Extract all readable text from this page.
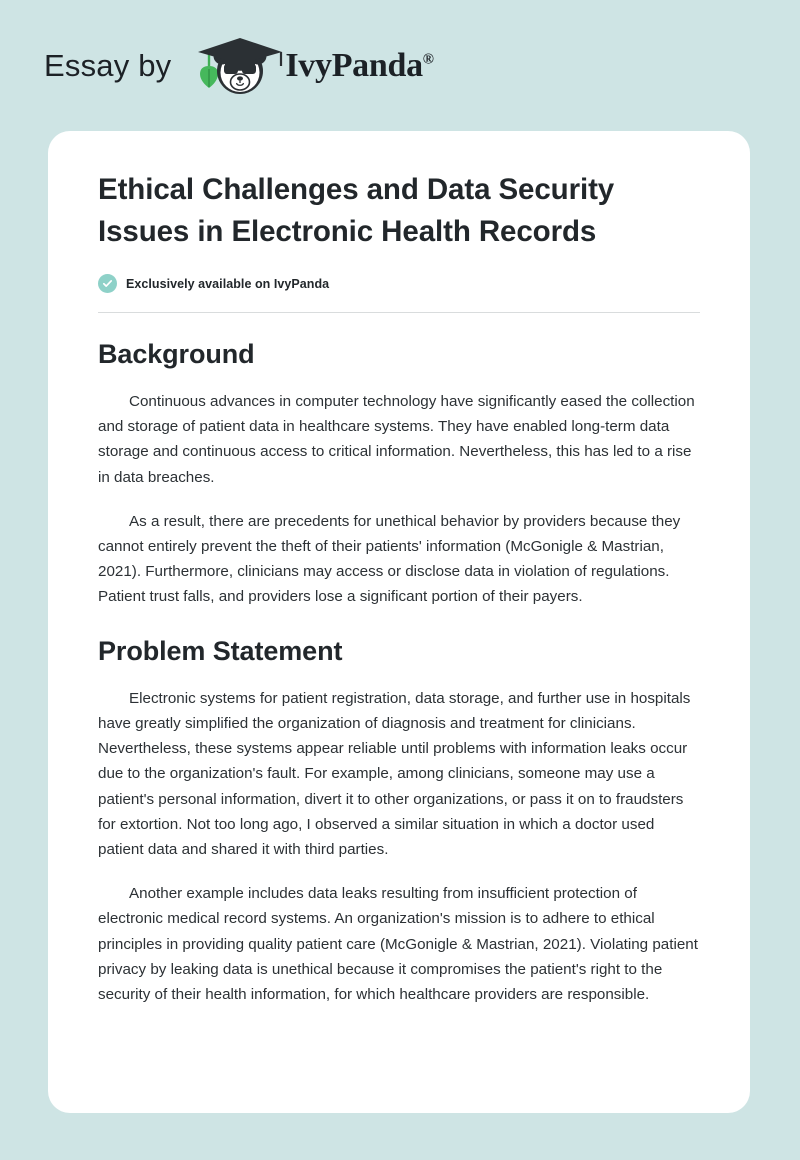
Essay by	IvyPanda®
Ethical Challenges and Data Security Issues in Electronic Health Records
Exclusively available on IvyPanda
Background

Continuous advances in computer technology have significantly eased the collection and storage of patient data in healthcare systems. They have enabled long-term data storage and continuous access to critical information. Nevertheless, this has led to a rise in data breaches.

As a result, there are precedents for unethical behavior by providers because they cannot entirely prevent the theft of their patients' information (McGonigle & Mastrian, 2021). Furthermore, clinicians may access or disclose data in violation of regulations. Patient trust falls, and providers lose a significant portion of their payers.

Problem Statement

Electronic systems for patient registration, data storage, and further use in hospitals have greatly simplified the organization of diagnosis and treatment for clinicians. Nevertheless, these systems appear reliable until problems with information leaks occur due to the organization's fault. For example, among clinicians, someone may use a patient's personal information, divert it to other organizations, or pass it on to fraudsters for extortion. Not too long ago, I observed a similar situation in which a doctor used patient data and shared it with third parties.

Another example includes data leaks resulting from insufficient protection of electronic medical record systems. An organization's mission is to adhere to ethical principles in providing quality patient care (McGonigle & Mastrian, 2021). Violating patient privacy by leaking data is unethical because it compromises the patient's right to the security of their health information, for which healthcare providers are responsible.
